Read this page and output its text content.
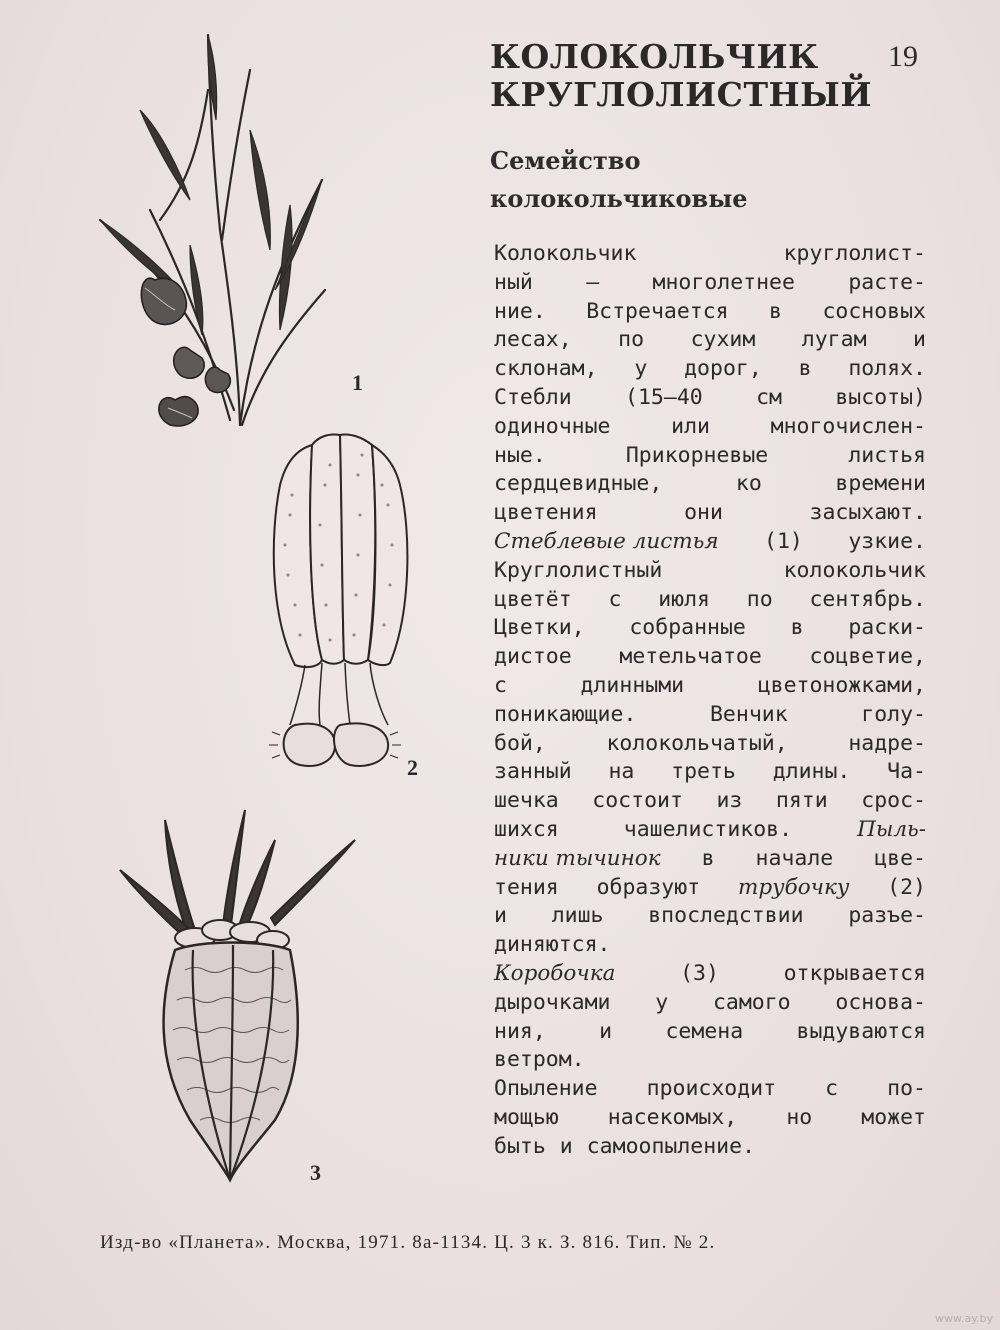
КОЛОКОЛЬЧИК
КРУГЛОЛИСТНЫЙ
19
Семейство
колокольчиковые
Колокольчик	круглолист-
ный — многолетнее расте-
ние. Встречается в сосновых
лесах, по сухим лугам и
склонам, у дорог, в полях.
Стебли (15—40 см высоты)
одиночные	или	многочислен-
ные.	Прикорневые	листья
сердцевидные,	ко	времени
цветения	они	засыхают.
Стеблевые листья (1) узкие.
Круглолистный	колокольчик
цветёт с июля по сентябрь.
Цветки, собранные в раски-
дистое метельчатое соцветие,
с	длинными	цветоножками,
поникающие.	Венчик	голу-
бой,	колокольчатый,	надре-
занный на треть длины. Ча-
шечка состоит из пяти срос-
шихся	чашелистиков.	Пыль-
ники тычинок в начале цве-
тения образуют трубочку (2)
и лишь впоследствии разъе-
диняются.
Коробочка	(3)	открывается
дырочками у самого основа-
ния, и семена выдуваются
ветром.
Опыление происходит с по-
мощью насекомых, но может
быть и самоопыление.
1
2
3
Изд-во «Планета». Москва, 1971. 8а-1134. Ц. 3 к. З. 816. Тип. № 2.
www.ay.by
